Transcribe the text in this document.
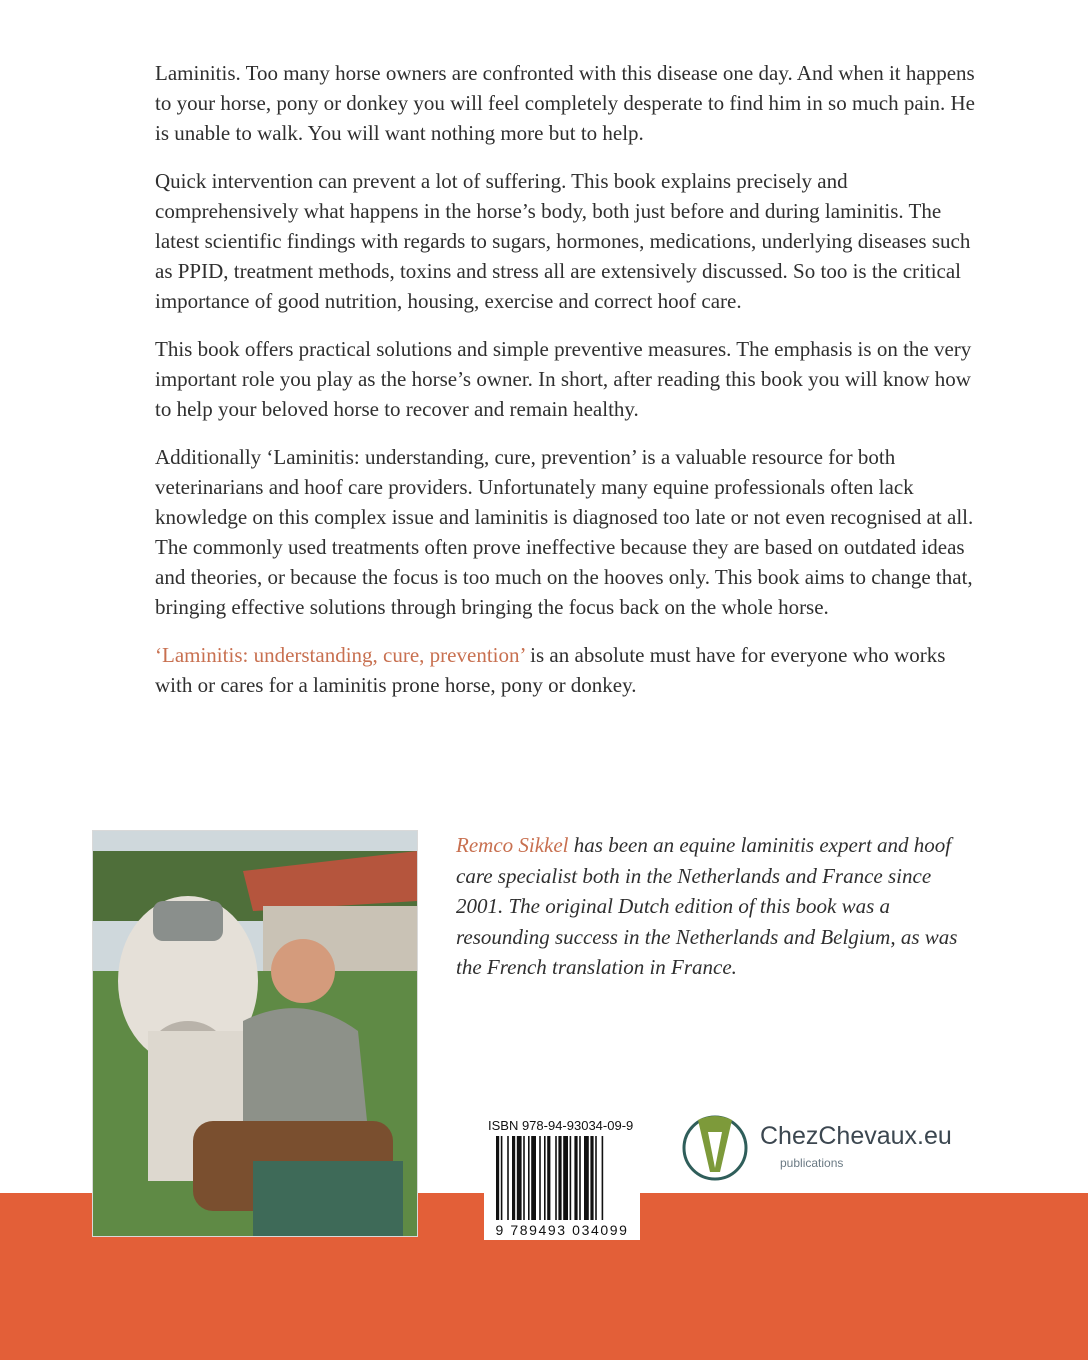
Laminitis. Too many horse owners are confronted with this disease one day. And when it happens to your horse, pony or donkey you will feel completely desperate to find him in so much pain. He is unable to walk. You will want nothing more but to help.

Quick intervention can prevent a lot of suffering. This book explains precisely and comprehensively what happens in the horse’s body, both just before and during laminitis. The latest scientific findings with regards to sugars, hormones, medications, underlying diseases such as PPID, treatment methods, toxins and stress all are extensively discussed. So too is the critical importance of good nutrition, housing, exercise and correct hoof care.

This book offers practical solutions and simple preventive measures. The emphasis is on the very important role you play as the horse’s owner. In short, after reading this book you will know how to help your beloved horse to recover and remain healthy.

Additionally ‘Laminitis: understanding, cure, prevention’ is a valuable resource for both veterinarians and hoof care providers. Unfortunately many equine professionals often lack knowledge on this complex issue and laminitis is diagnosed too late or not even recognised at all. The commonly used treatments often prove ineffective because they are based on outdated ideas and theories, or because the focus is too much on the hooves only. This book aims to change that, bringing effective solutions through bringing the focus back on the whole horse.

‘Laminitis: understanding, cure, prevention’ is an absolute must have for everyone who works with or cares for a laminitis prone horse, pony or donkey.

Remco Sikkel has been an equine laminitis expert and hoof care specialist both in the Netherlands and France since 2001. The original Dutch edition of this book was a resounding success in the Netherlands and Belgium, as was the French translation in France.

ISBN 978-94-93034-09-9
9 789493 034099
ChezChevaux.eu
publications
